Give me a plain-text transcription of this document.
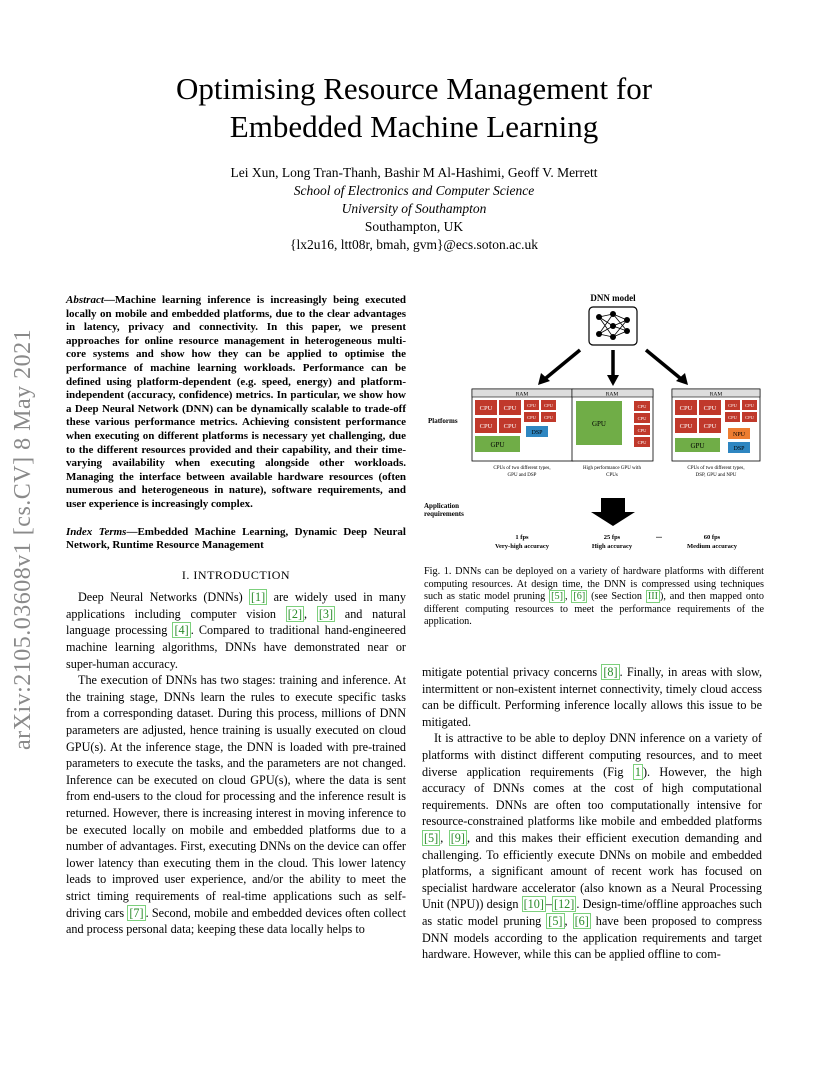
Optimising Resource Management for
Embedded Machine Learning
Lei Xun, Long Tran-Thanh, Bashir M Al-Hashimi, Geoff V. Merrett
School of Electronics and Computer Science
University of Southampton
Southampton, UK
{lx2u16, ltt08r, bmah, gvm}@ecs.soton.ac.uk
arXiv:2105.03608v1 [cs.CV] 8 May 2021
Abstract—Machine learning inference is increasingly being executed locally on mobile and embedded platforms, due to the clear advantages in latency, privacy and connectivity. In this paper, we present approaches for online resource management in heterogeneous multi-core systems and show how they can be applied to optimise the performance of machine learning workloads. Performance can be defined using platform-dependent (e.g. speed, energy) and platform-independent (accuracy, confidence) metrics. In particular, we show how a Deep Neural Network (DNN) can be dynamically scalable to trade-off these various performance metrics. Achieving consistent performance when executing on different platforms is necessary yet challenging, due to the different resources provided and their capability, and their time-varying availability when executing alongside other workloads. Managing the interface between available hardware resources (often numerous and heterogeneous in nature), software requirements, and user experience is increasingly complex.
Index Terms—Embedded Machine Learning, Dynamic Deep Neural Network, Runtime Resource Management
I. INTRODUCTION

Deep Neural Networks (DNNs) [1] are widely used in many applications including computer vision [2] , [3] and natural language processing [4] . Compared to traditional hand-engineered machine learning algorithms, DNNs have demonstrated near or super-human accuracy.

The execution of DNNs has two stages: training and inference. At the training stage, DNNs learn the rules to execute specific tasks from a corresponding dataset. During this process, millions of DNN parameters are adjusted, hence training is usually executed on cloud GPU(s). At the inference stage, the DNN is loaded with pre-trained parameters to execute the tasks, and the parameters are not changed. Inference can be executed on cloud GPU(s), where the data is sent from end-users to the cloud for processing and the inference result is returned. However, there is increasing interest in moving inference to be executed locally on mobile and embedded platforms due to a number of advantages. First, executing DNNs on the device can offer lower latency than executing them in the cloud. This lower latency leads to improved user experience, and/or the ability to meet the strict timing requirements of real-time applications such as self-driving cars [7] . Second, mobile and embedded devices often collect and process personal data; keeping these data locally helps to

DNN model
Platforms
RAM
CPU CPU
CPU CPU
CPU CPU
CPU CPU
DSP
GPU
CPUs of two different types,
GPU and DSP
RAM
GPU
CPU
CPU
CPU
CPU
High performance GPU with
CPUs
RAM
CPU CPU
CPU CPU
CPU CPU
CPU CPU
NPU
DSP
GPU
CPUs of two different types,
DSP, GPU and NPU
Application
requirements
1 fps
Very-high accuracy
25 fps
High accuracy
...	60 fps
Medium accuracy
Fig. 1. DNNs can be deployed on a variety of hardware platforms with different computing resources. At design time, the DNN is compressed using techniques such as static model pruning [5] , [6] (see Section III ), and then mapped onto different computing resources to meet the performance requirements of the application.

mitigate potential privacy concerns [8] . Finally, in areas with slow, intermittent or non-existent internet connectivity, timely cloud access can be difficult. Performing inference locally allows this issue to be mitigated.

It is attractive to be able to deploy DNN inference on a variety of platforms with distinct different computing resources, and to meet diverse application requirements (Fig 1 ). However, the high accuracy of DNNs comes at the cost of high computational requirements. DNNs are often too computationally intensive for resource-constrained platforms like mobile and embedded platforms [5] , [9] , and this makes their efficient execution demanding and challenging. To efficiently execute DNNs on mobile and embedded platforms, a significant amount of recent work has focused on specialist hardware accelerator (also known as a Neural Processing Unit (NPU)) design [10] – [12] . Design-time/offline approaches such as static model pruning [5] , [6] have been proposed to compress DNN models according to the application requirements and target hardware. However, while this can be applied offline to com-
